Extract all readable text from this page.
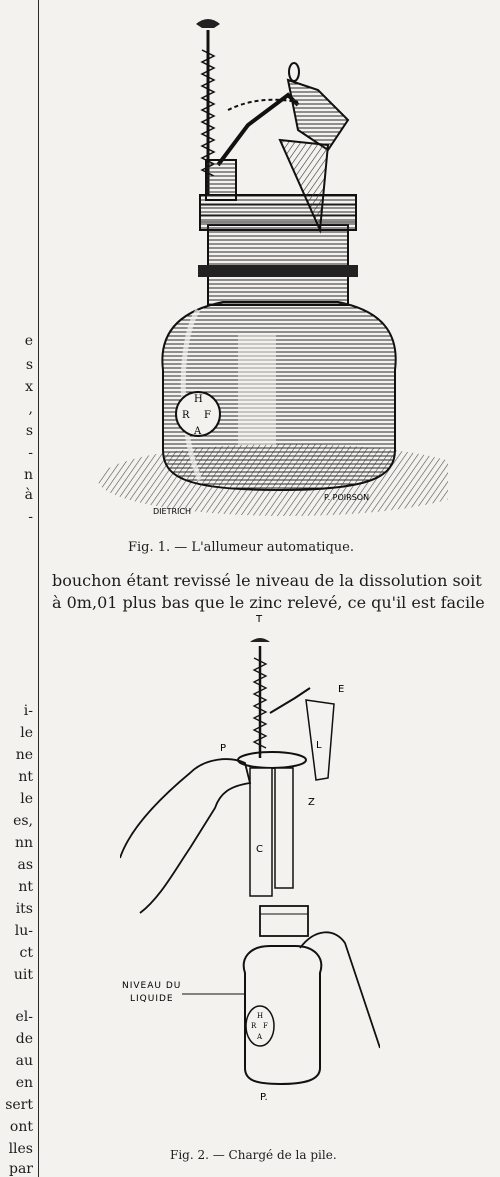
e
s
x
,
s
-
n
à
-
i-
le
ne
nt
le
es,
nn
as
nt
its
lu-
ct
uit
el-
de
au
en
sert
ont
lles
par
H
R F
A
DIETRICH
P. POIRSON
Fig. 1. — L'allumeur automatique.
bouchon étant revissé le niveau de la dissolution soit
à 0m,01 plus bas que le zinc relevé, ce qu'il est facile
T
E
L
P
Z
C
H
R F
A
NIVEAU DU
LIQUIDE
P.
Fig. 2. — Chargé de la pile.
